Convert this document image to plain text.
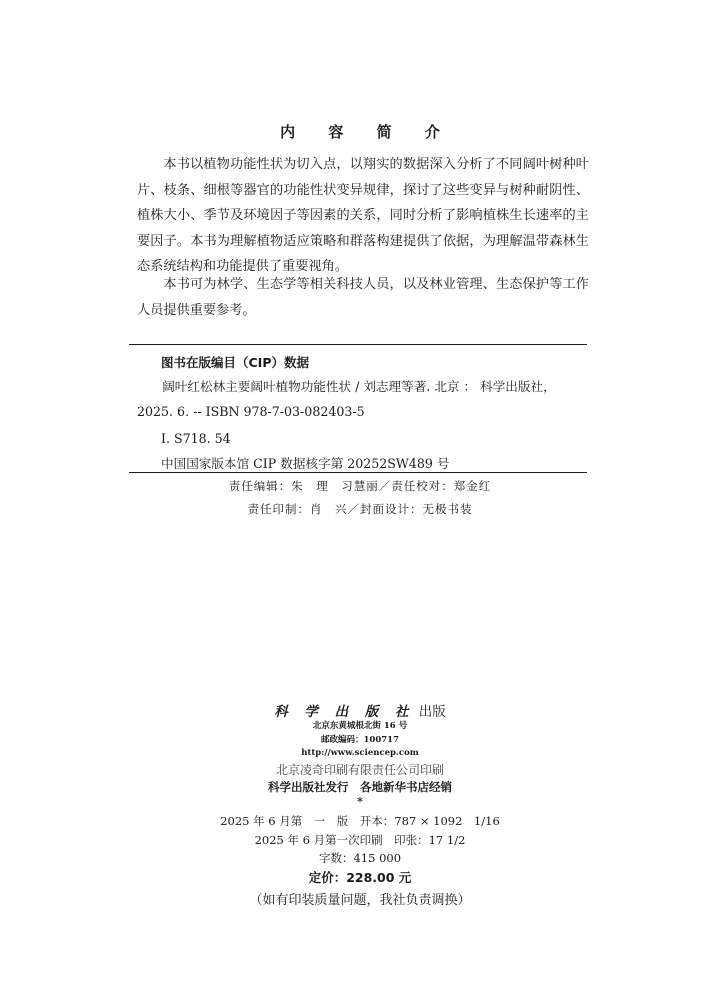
内 容 简 介
本书以植物功能性状为切入点，以翔实的数据深入分析了不同阔叶树种叶片、枝条、细根等器官的功能性状变异规律，探讨了这些变异与树种耐阴性、植株大小、季节及环境因子等因素的关系，同时分析了影响植株生长速率的主要因子。本书为理解植物适应策略和群落构建提供了依据，为理解温带森林生态系统结构和功能提供了重要视角。
本书可为林学、生态学等相关科技人员，以及林业管理、生态保护等工作人员提供重要参考。
图书在版编目（CIP）数据
阔叶红松林主要阔叶植物功能性状 / 刘志理等著. 北京 ： 科学出版社， 2025. 6. -- ISBN 978-7-03-082403-5
Ⅰ. S718. 54
中国国家版本馆 CIP 数据核字第 20252SW489 号
责任编辑：朱　理　习慧丽／责任校对：郑金红
责任印制：肖　兴／封面设计：无极书装
科 学 出 版 社 出版
北京东黄城根北街 16 号
邮政编码：100717
http://www.sciencep.com
北京凌奇印刷有限责任公司印刷
科学出版社发行　各地新华书店经销
*
2025 年 6 月第　一　版　开本：787 × 1092　1/16
2025 年 6 月第一次印刷　印张：17 1/2
字数：415 000
定价：228.00 元
（如有印装质量问题，我社负责调换）
